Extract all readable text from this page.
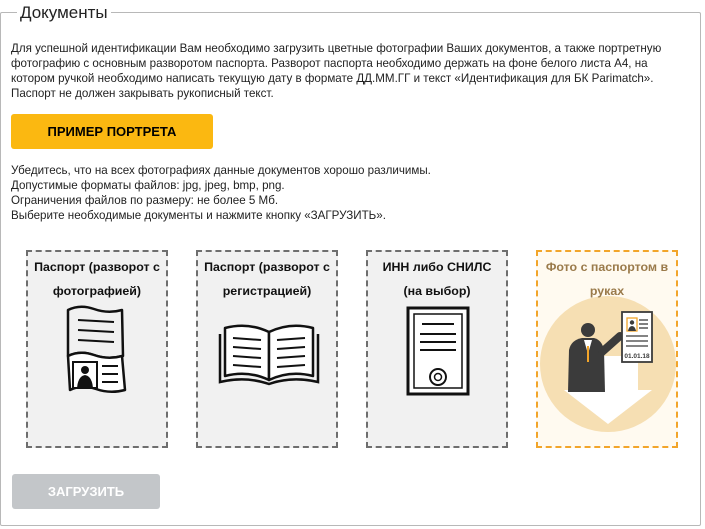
Документы
Для успешной идентификации Вам необходимо загрузить цветные фотографии Ваших документов, а также портретную фотографию с основным разворотом паспорта. Разворот паспорта необходимо держать на фоне белого листа А4, на котором ручкой необходимо написать текущую дату в формате ДД.ММ.ГГ и текст «Идентификация для БК Parimatch». Паспорт не должен закрывать рукописный текст.
ПРИМЕР ПОРТРЕТА
Убедитесь, что на всех фотографиях данные документов хорошо различимы.
Допустимые форматы файлов: jpg, jpeg, bmp, png.
Ограничения файлов по размеру: не более 5 Мб.
Выберите необходимые документы и нажмите кнопку «ЗАГРУЗИТЬ».
Паспорт (разворот с фотографией)
Паспорт (разворот с регистрацией)
ИНН либо СНИЛС (на выбор)
01.01.18
Фото с паспортом в руках
ЗАГРУЗИТЬ
